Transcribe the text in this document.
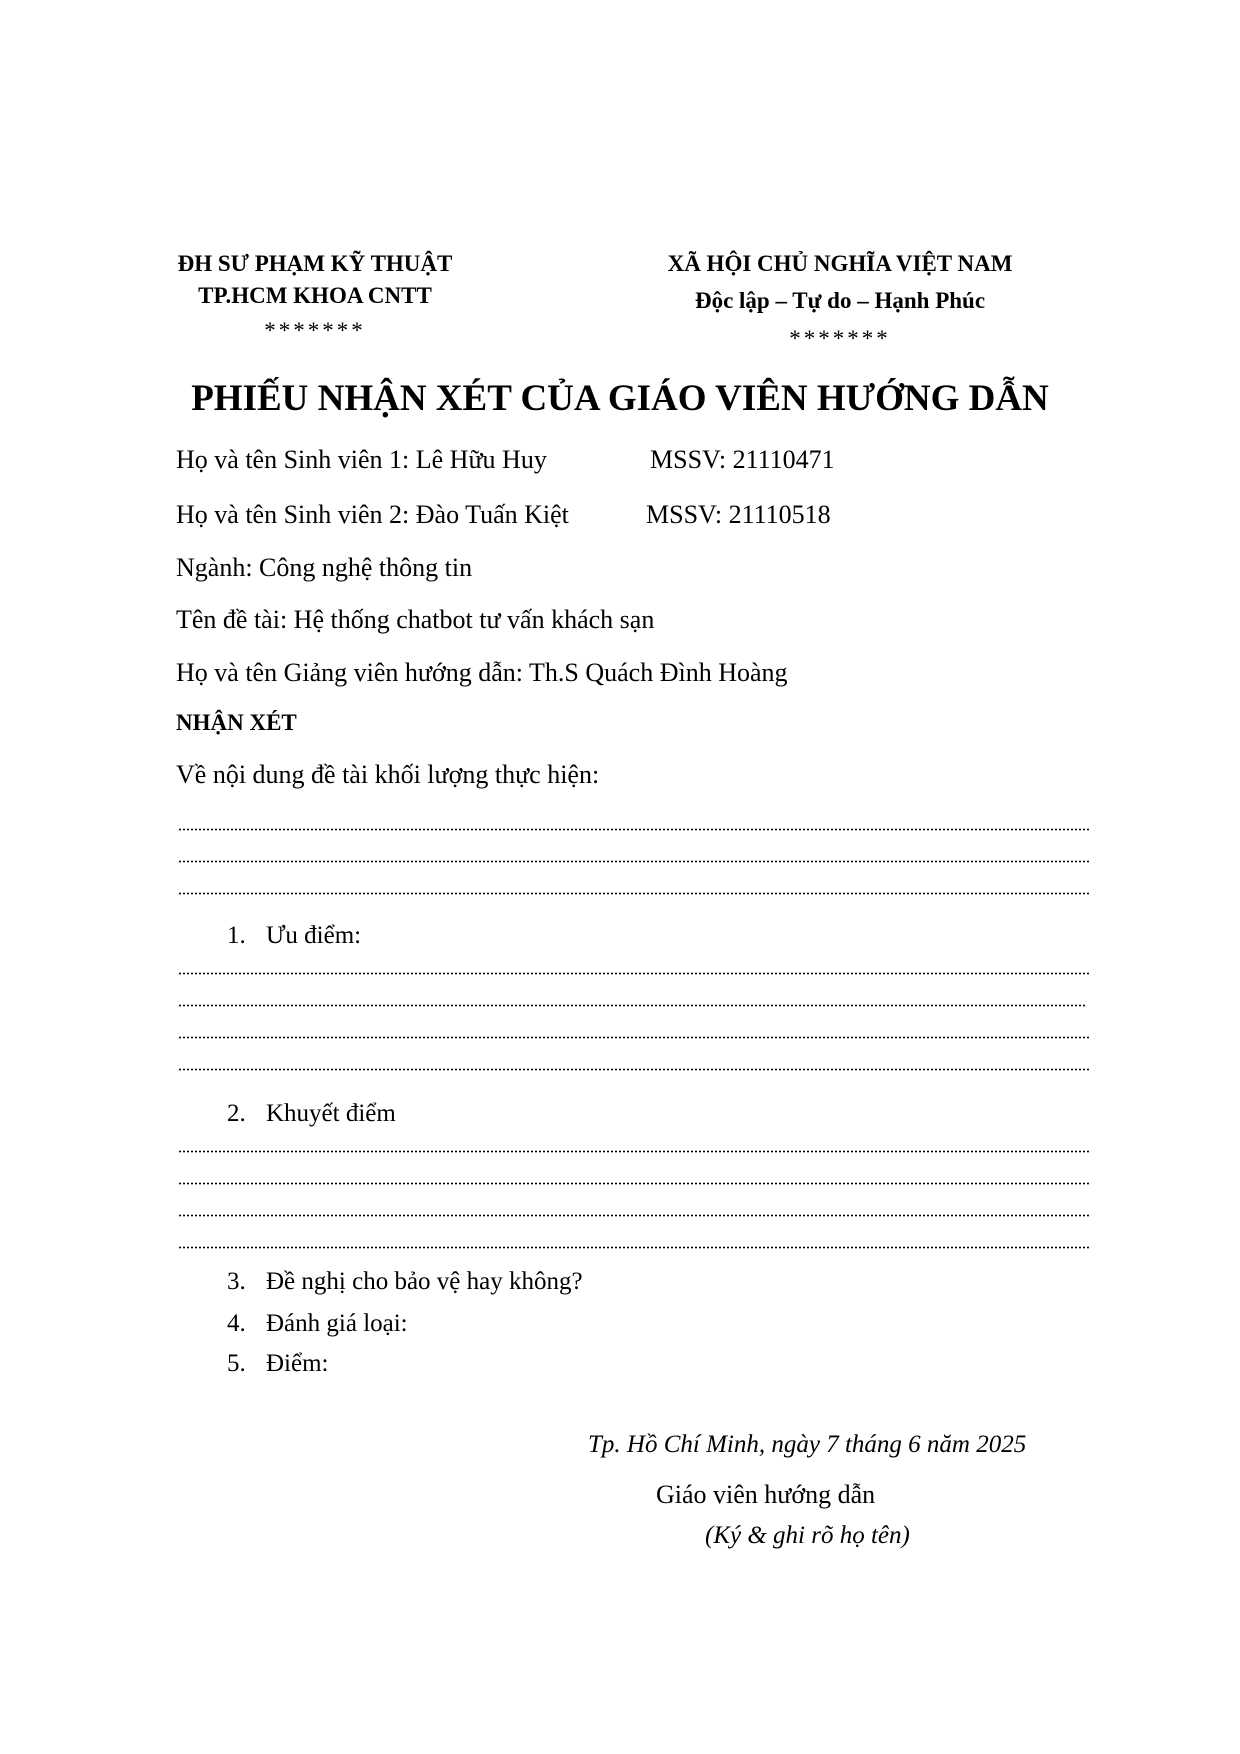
ĐH SƯ PHẠM KỸ THUẬT
TP.HCM KHOA CNTT
*******
XÃ HỘI CHỦ NGHĨA VIỆT NAM
Độc lập – Tự do – Hạnh Phúc
*******
PHIẾU NHẬN XÉT CỦA GIÁO VIÊN HƯỚNG DẪN
Họ và tên Sinh viên 1: Lê Hữu Huy	MSSV: 21110471
Họ và tên Sinh viên 2: Đào Tuấn Kiệt	MSSV: 21110518
Ngành: Công nghệ thông tin
Tên đề tài: Hệ thống chatbot tư vấn khách sạn
Họ và tên Giảng viên hướng dẫn: Th.S Quách Đình Hoàng
NHẬN XÉT
Về nội dung đề tài khối lượng thực hiện:
1. Ưu điểm:
2. Khuyết điểm
3. Đề nghị cho bảo vệ hay không?
4. Đánh giá loại:
5. Điểm:
Tp. Hồ Chí Minh, ngày 7 tháng 6 năm 2025
Giáo viên hướng dẫn
(Ký & ghi rõ họ tên)
